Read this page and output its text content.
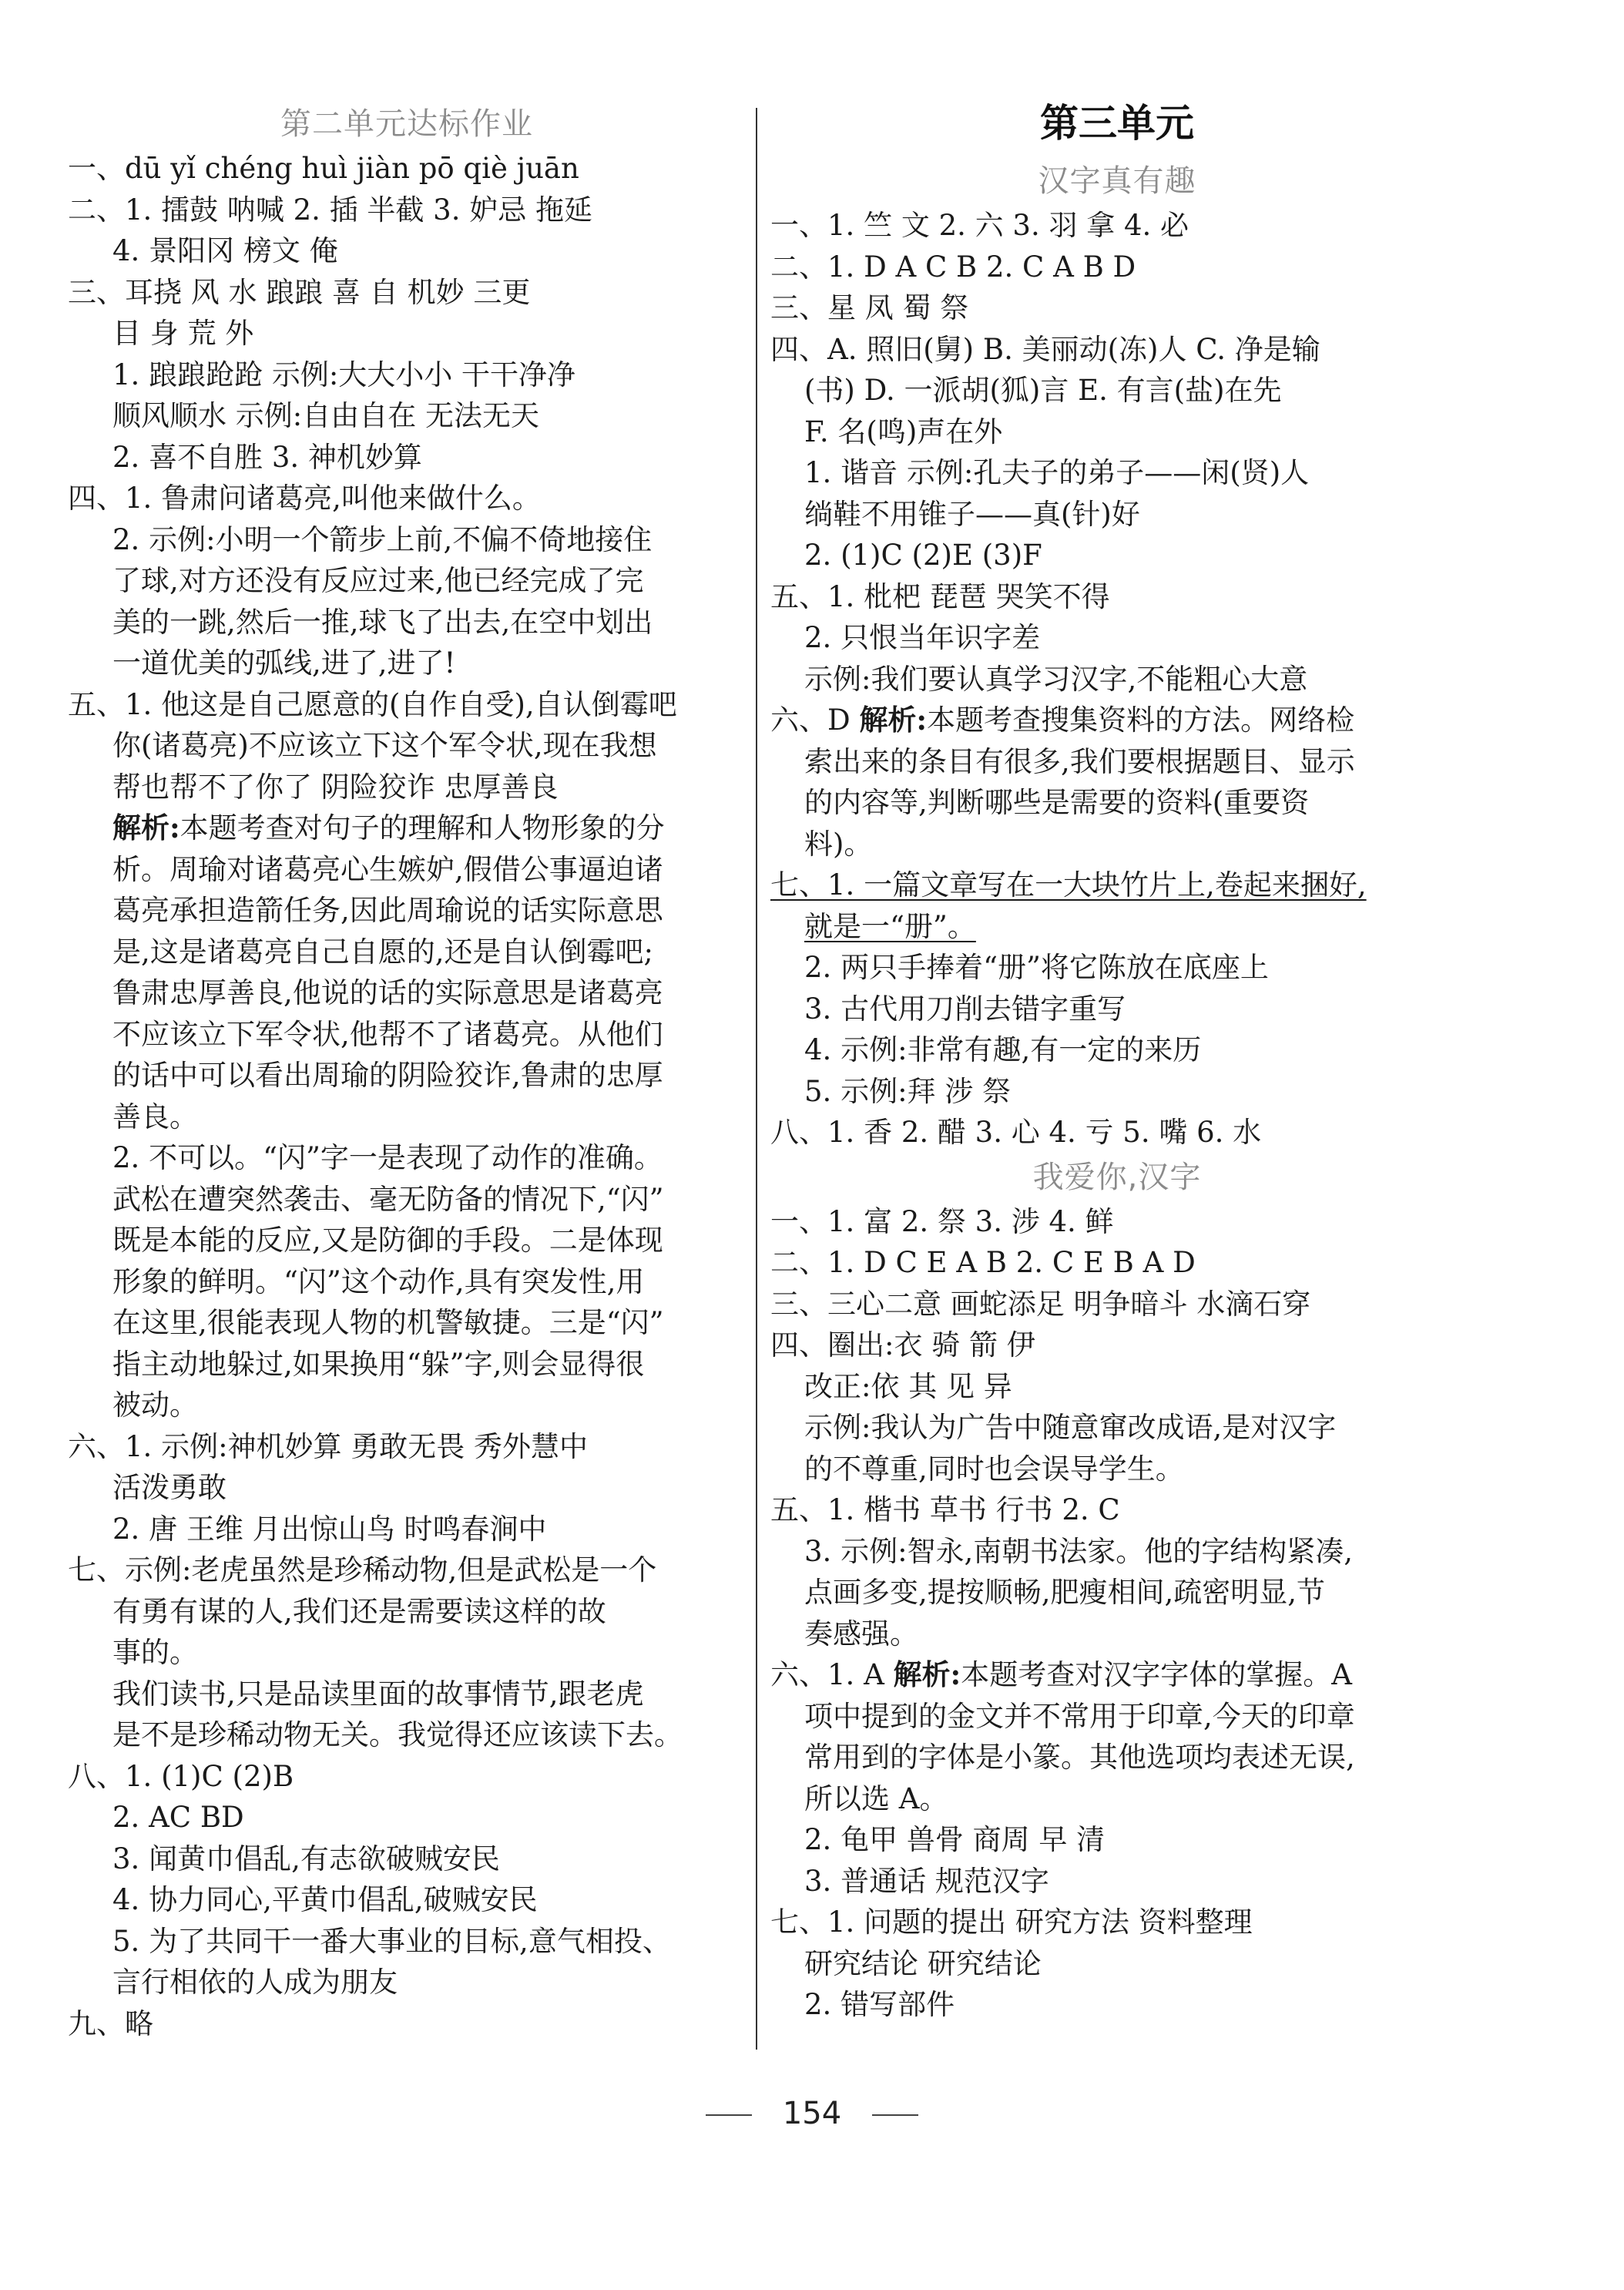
第二单元达标作业
一、dū yǐ chéng huì jiàn pō qiè juān
二、1. 擂鼓 呐喊 2. 插 半截 3. 妒忌 拖延
4. 景阳冈 榜文 俺
三、耳挠 风 水 踉踉 喜 自 机妙 三更
目 身 荒 外
1. 踉踉跄跄 示例:大大小小 干干净净
顺风顺水 示例:自由自在 无法无天
2. 喜不自胜 3. 神机妙算
四、1. 鲁肃问诸葛亮,叫他来做什么。
2. 示例:小明一个箭步上前,不偏不倚地接住
了球,对方还没有反应过来,他已经完成了完
美的一跳,然后一推,球飞了出去,在空中划出
一道优美的弧线,进了,进了!
五、1. 他这是自己愿意的(自作自受),自认倒霉吧
你(诸葛亮)不应该立下这个军令状,现在我想
帮也帮不了你了 阴险狡诈 忠厚善良
解析:本题考查对句子的理解和人物形象的分
析。周瑜对诸葛亮心生嫉妒,假借公事逼迫诸
葛亮承担造箭任务,因此周瑜说的话实际意思
是,这是诸葛亮自己自愿的,还是自认倒霉吧;
鲁肃忠厚善良,他说的话的实际意思是诸葛亮
不应该立下军令状,他帮不了诸葛亮。从他们
的话中可以看出周瑜的阴险狡诈,鲁肃的忠厚
善良。
2. 不可以。“闪”字一是表现了动作的准确。
武松在遭突然袭击、毫无防备的情况下,“闪”
既是本能的反应,又是防御的手段。二是体现
形象的鲜明。“闪”这个动作,具有突发性,用
在这里,很能表现人物的机警敏捷。三是“闪”
指主动地躲过,如果换用“躲”字,则会显得很
被动。
六、1. 示例:神机妙算 勇敢无畏 秀外慧中
活泼勇敢
2. 唐 王维 月出惊山鸟 时鸣春涧中
七、示例:老虎虽然是珍稀动物,但是武松是一个
有勇有谋的人,我们还是需要读这样的故
事的。
我们读书,只是品读里面的故事情节,跟老虎
是不是珍稀动物无关。我觉得还应该读下去。
八、1. (1)C (2)B
2. AC BD
3. 闻黄巾倡乱,有志欲破贼安民
4. 协力同心,平黄巾倡乱,破贼安民
5. 为了共同干一番大事业的目标,意气相投、
言行相依的人成为朋友
九、略
第三单元
汉字真有趣
一、1. 竺 文 2. 六 3. 羽 拿 4. 必
二、1. D A C B 2. C A B D
三、星 凤 蜀 祭
四、A. 照旧(舅) B. 美丽动(冻)人 C. 净是输
(书) D. 一派胡(狐)言 E. 有言(盐)在先
F. 名(鸣)声在外
1. 谐音 示例:孔夫子的弟子——闲(贤)人
绱鞋不用锥子——真(针)好
2. (1)C (2)E (3)F
五、1. 枇杷 琵琶 哭笑不得
2. 只恨当年识字差
示例:我们要认真学习汉字,不能粗心大意
六、D 解析:本题考查搜集资料的方法。网络检
索出来的条目有很多,我们要根据题目、显示
的内容等,判断哪些是需要的资料(重要资
料)。
七、1. 一篇文章写在一大块竹片上,卷起来捆好,
就是一“册”。
2. 两只手捧着“册”将它陈放在底座上
3. 古代用刀削去错字重写
4. 示例:非常有趣,有一定的来历
5. 示例:拜 涉 祭
八、1. 香 2. 醋 3. 心 4. 亏 5. 嘴 6. 水
我爱你,汉字
一、1. 富 2. 祭 3. 涉 4. 鲜
二、1. D C E A B 2. C E B A D
三、三心二意 画蛇添足 明争暗斗 水滴石穿
四、圈出:衣 骑 箭 伊
改正:依 其 见 异
示例:我认为广告中随意窜改成语,是对汉字
的不尊重,同时也会误导学生。
五、1. 楷书 草书 行书 2. C
3. 示例:智永,南朝书法家。他的字结构紧凑,
点画多变,提按顺畅,肥瘦相间,疏密明显,节
奏感强。
六、1. A 解析:本题考查对汉字字体的掌握。A
项中提到的金文并不常用于印章,今天的印章
常用到的字体是小篆。其他选项均表述无误,
所以选 A。
2. 龟甲 兽骨 商周 早 清
3. 普通话 规范汉字
七、1. 问题的提出 研究方法 资料整理
研究结论 研究结论
2. 错写部件
154
